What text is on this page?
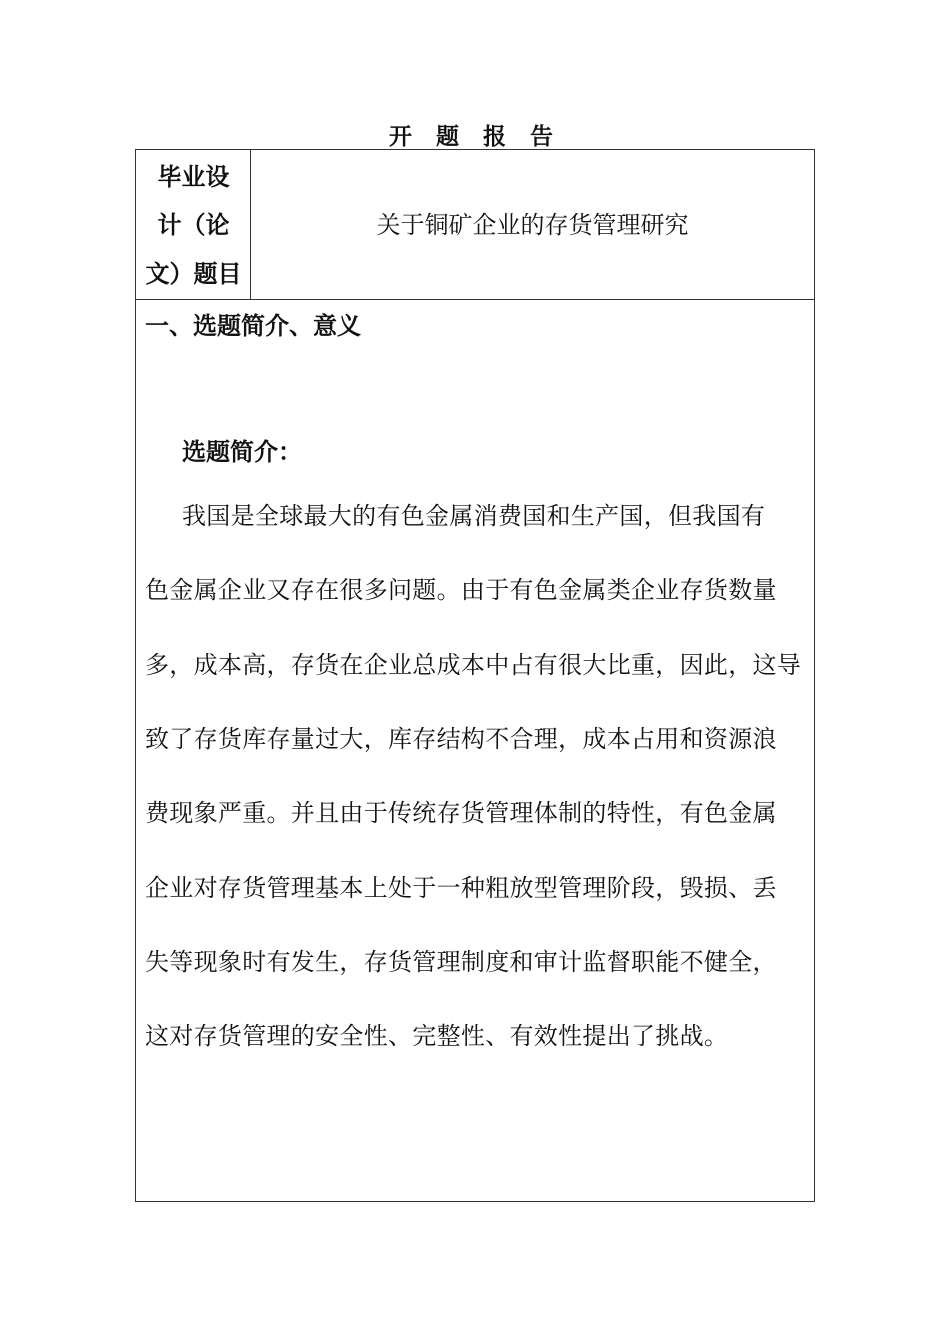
开 题 报 告
毕业设
计（论
文）题目
关于铜矿企业的存货管理研究
一、选题简介、意义
选题简介：
我国是全球最大的有色金属消费国和生产国，但我国有
色金属企业又存在很多问题。由于有色金属类企业存货数量
多，成本高，存货在企业总成本中占有很大比重，因此，这导
致了存货库存量过大，库存结构不合理，成本占用和资源浪
费现象严重。并且由于传统存货管理体制的特性，有色金属
企业对存货管理基本上处于一种粗放型管理阶段，毁损、丢
失等现象时有发生，存货管理制度和审计监督职能不健全，
这对存货管理的安全性、完整性、有效性提出了挑战。
